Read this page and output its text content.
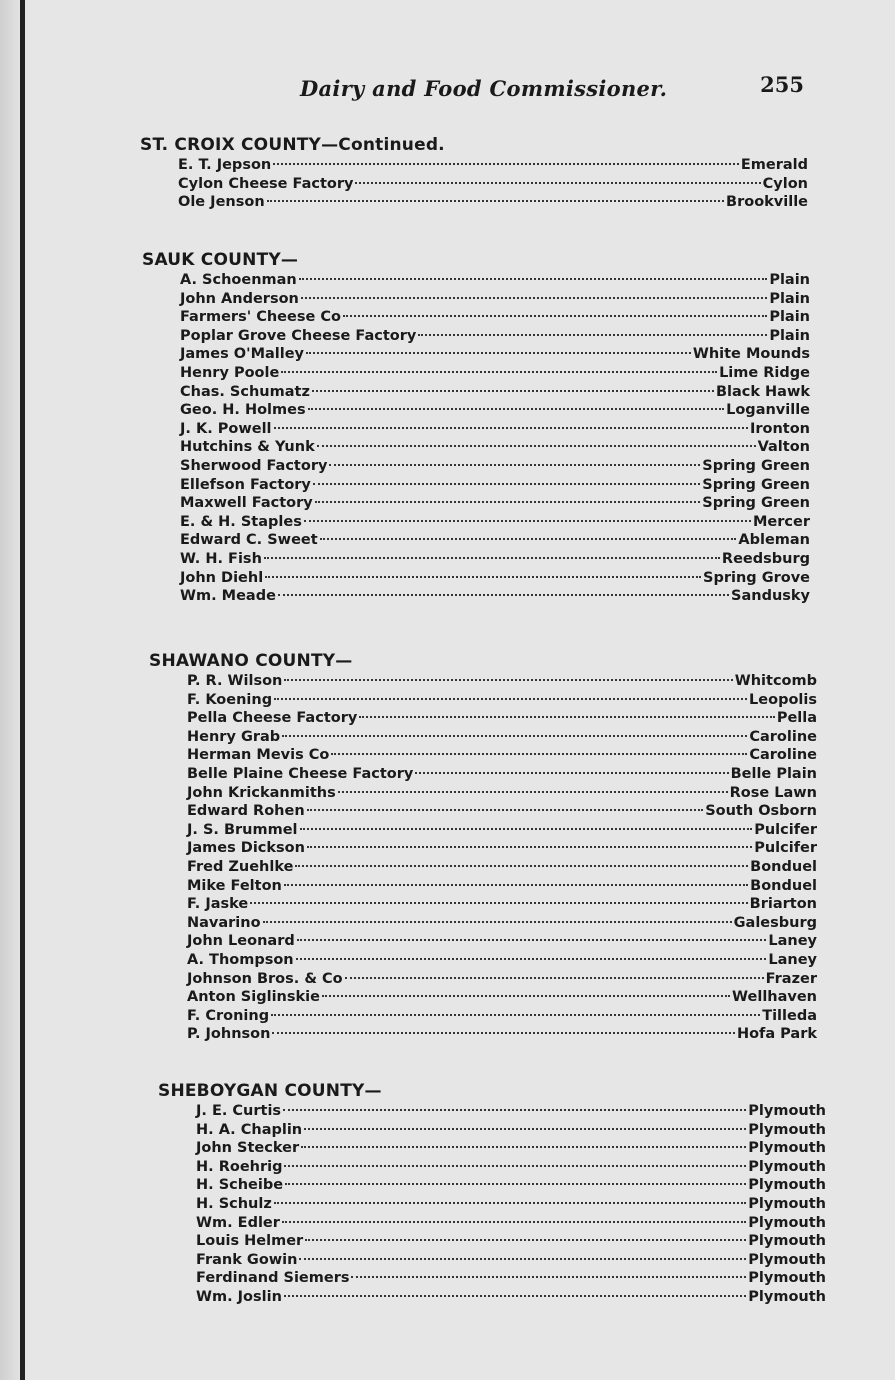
Dairy and Food Commissioner.	255
ST. CROIX COUNTY—Continued.
E. T. Jepson	Emerald
Cylon Cheese Factory	Cylon
Ole Jenson	Brookville
SAUK COUNTY—
A. Schoenman	Plain
John Anderson	Plain
Farmers' Cheese Co	Plain
Poplar Grove Cheese Factory	Plain
James O'Malley	White Mounds
Henry Poole	Lime Ridge
Chas. Schumatz	Black Hawk
Geo. H. Holmes	Loganville
J. K. Powell	Ironton
Hutchins & Yunk	Valton
Sherwood Factory	Spring Green
Ellefson Factory	Spring Green
Maxwell Factory	Spring Green
E. & H. Staples	Mercer
Edward C. Sweet	Ableman
W. H. Fish	Reedsburg
John Diehl	Spring Grove
Wm. Meade	Sandusky
SHAWANO COUNTY—
P. R. Wilson	Whitcomb
F. Koening	Leopolis
Pella Cheese Factory	Pella
Henry Grab	Caroline
Herman Mevis Co	Caroline
Belle Plaine Cheese Factory	Belle Plain
John Krickanmiths	Rose Lawn
Edward Rohen	South Osborn
J. S. Brummel	Pulcifer
James Dickson	Pulcifer
Fred Zuehlke	Bonduel
Mike Felton	Bonduel
F. Jaske	Briarton
Navarino	Galesburg
John Leonard	Laney
A. Thompson	Laney
Johnson Bros. & Co	Frazer
Anton Siglinskie	Wellhaven
F. Croning	Tilleda
P. Johnson	Hofa Park
SHEBOYGAN COUNTY—
J. E. Curtis	Plymouth
H. A. Chaplin	Plymouth
John Stecker	Plymouth
H. Roehrig	Plymouth
H. Scheibe	Plymouth
H. Schulz	Plymouth
Wm. Edler	Plymouth
Louis Helmer	Plymouth
Frank Gowin	Plymouth
Ferdinand Siemers	Plymouth
Wm. Joslin	Plymouth
